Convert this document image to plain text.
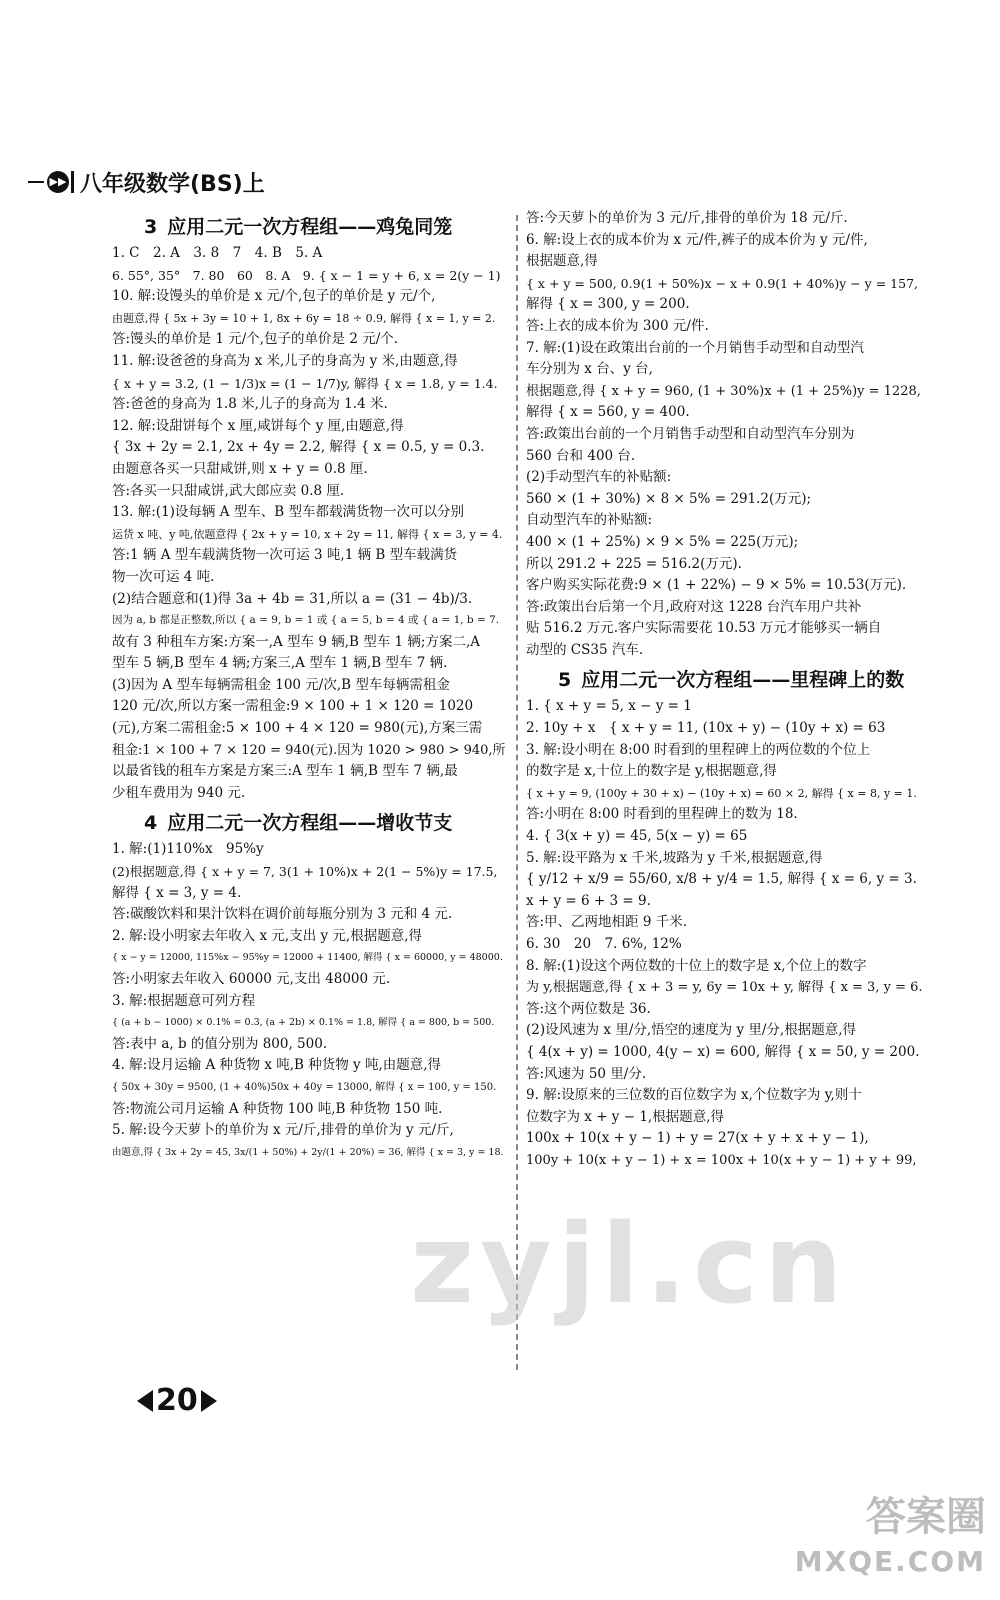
▶▶ 八年级数学(BS)上
3 应用二元一次方程组——鸡兔同笼
1. C　2. A　3. 8　7　4. B　5. A
6. 55°, 35°　7. 80　60　8. A　9. { x − 1 = y + 6, x = 2(y − 1)
10. 解:设馒头的单价是 x 元/个,包子的单价是 y 元/个,
由题意,得 { 5x + 3y = 10 + 1, 8x + 6y = 18 ÷ 0.9, 解得 { x = 1, y = 2.
答:馒头的单价是 1 元/个,包子的单价是 2 元/个.
11. 解:设爸爸的身高为 x 米,儿子的身高为 y 米,由题意,得
{ x + y = 3.2, (1 − 1/3)x = (1 − 1/7)y, 解得 { x = 1.8, y = 1.4.
答:爸爸的身高为 1.8 米,儿子的身高为 1.4 米.
12. 解:设甜饼每个 x 厘,咸饼每个 y 厘,由题意,得
{ 3x + 2y = 2.1, 2x + 4y = 2.2, 解得 { x = 0.5, y = 0.3.
由题意各买一只甜咸饼,则 x + y = 0.8 厘.
答:各买一只甜咸饼,武大郎应卖 0.8 厘.
13. 解:(1)设每辆 A 型车、B 型车都载满货物一次可以分别
运货 x 吨、y 吨,依题意得 { 2x + y = 10, x + 2y = 11, 解得 { x = 3, y = 4.
答:1 辆 A 型车载满货物一次可运 3 吨,1 辆 B 型车载满货
物一次可运 4 吨.
(2)结合题意和(1)得 3a + 4b = 31,所以 a = (31 − 4b)/3.
因为 a, b 都是正整数,所以 { a = 9, b = 1 或 { a = 5, b = 4 或 { a = 1, b = 7.
故有 3 种租车方案:方案一,A 型车 9 辆,B 型车 1 辆;方案二,A
型车 5 辆,B 型车 4 辆;方案三,A 型车 1 辆,B 型车 7 辆.
(3)因为 A 型车每辆需租金 100 元/次,B 型车每辆需租金
120 元/次,所以方案一需租金:9 × 100 + 1 × 120 = 1020
(元),方案二需租金:5 × 100 + 4 × 120 = 980(元),方案三需
租金:1 × 100 + 7 × 120 = 940(元).因为 1020 > 980 > 940,所
以最省钱的租车方案是方案三:A 型车 1 辆,B 型车 7 辆,最
少租车费用为 940 元.
4 应用二元一次方程组——增收节支
1. 解:(1)110%x　95%y
(2)根据题意,得 { x + y = 7, 3(1 + 10%)x + 2(1 − 5%)y = 17.5,
解得 { x = 3, y = 4.
答:碳酸饮料和果汁饮料在调价前每瓶分别为 3 元和 4 元.
2. 解:设小明家去年收入 x 元,支出 y 元,根据题意,得
{ x − y = 12000, 115%x − 95%y = 12000 + 11400, 解得 { x = 60000, y = 48000.
答:小明家去年收入 60000 元,支出 48000 元.
3. 解:根据题意可列方程
{ (a + b − 1000) × 0.1% = 0.3, (a + 2b) × 0.1% = 1.8, 解得 { a = 800, b = 500.
答:表中 a, b 的值分别为 800, 500.
4. 解:设月运输 A 种货物 x 吨,B 种货物 y 吨,由题意,得
{ 50x + 30y = 9500, (1 + 40%)50x + 40y = 13000, 解得 { x = 100, y = 150.
答:物流公司月运输 A 种货物 100 吨,B 种货物 150 吨.
5. 解:设今天萝卜的单价为 x 元/斤,排骨的单价为 y 元/斤,
由题意,得 { 3x + 2y = 45, 3x/(1 + 50%) + 2y/(1 + 20%) = 36, 解得 { x = 3, y = 18.
答:今天萝卜的单价为 3 元/斤,排骨的单价为 18 元/斤.
6. 解:设上衣的成本价为 x 元/件,裤子的成本价为 y 元/件,
根据题意,得
{ x + y = 500, 0.9(1 + 50%)x − x + 0.9(1 + 40%)y − y = 157,
解得 { x = 300, y = 200.
答:上衣的成本价为 300 元/件.
7. 解:(1)设在政策出台前的一个月销售手动型和自动型汽
车分别为 x 台、y 台,
根据题意,得 { x + y = 960, (1 + 30%)x + (1 + 25%)y = 1228,
解得 { x = 560, y = 400.
答:政策出台前的一个月销售手动型和自动型汽车分别为
560 台和 400 台.
(2)手动型汽车的补贴额:
560 × (1 + 30%) × 8 × 5% = 291.2(万元);
自动型汽车的补贴额:
400 × (1 + 25%) × 9 × 5% = 225(万元);
所以 291.2 + 225 = 516.2(万元).
客户购买实际花费:9 × (1 + 22%) − 9 × 5% = 10.53(万元).
答:政策出台后第一个月,政府对这 1228 台汽车用户共补
贴 516.2 万元.客户实际需要花 10.53 万元才能够买一辆自
动型的 CS35 汽车.
5 应用二元一次方程组——里程碑上的数
1. { x + y = 5, x − y = 1
2. 10y + x　{ x + y = 11, (10x + y) − (10y + x) = 63
3. 解:设小明在 8:00 时看到的里程碑上的两位数的个位上
的数字是 x,十位上的数字是 y,根据题意,得
{ x + y = 9, (100y + 30 + x) − (10y + x) = 60 × 2, 解得 { x = 8, y = 1.
答:小明在 8:00 时看到的里程碑上的数为 18.
4. { 3(x + y) = 45, 5(x − y) = 65
5. 解:设平路为 x 千米,坡路为 y 千米,根据题意,得
{ y/12 + x/9 = 55/60, x/8 + y/4 = 1.5, 解得 { x = 6, y = 3.
x + y = 6 + 3 = 9.
答:甲、乙两地相距 9 千米.
6. 30　20　7. 6%, 12%
8. 解:(1)设这个两位数的十位上的数字是 x,个位上的数字
为 y,根据题意,得 { x + 3 = y, 6y = 10x + y, 解得 { x = 3, y = 6.
答:这个两位数是 36.
(2)设风速为 x 里/分,悟空的速度为 y 里/分,根据题意,得
{ 4(x + y) = 1000, 4(y − x) = 600, 解得 { x = 50, y = 200.
答:风速为 50 里/分.
9. 解:设原来的三位数的百位数字为 x,个位数字为 y,则十
位数字为 x + y − 1,根据题意,得
100x + 10(x + y − 1) + y = 27(x + y + x + y − 1),
100y + 10(x + y − 1) + x = 100x + 10(x + y − 1) + y + 99,
20
zyjl.cn
答案圈
MXQE.COM
